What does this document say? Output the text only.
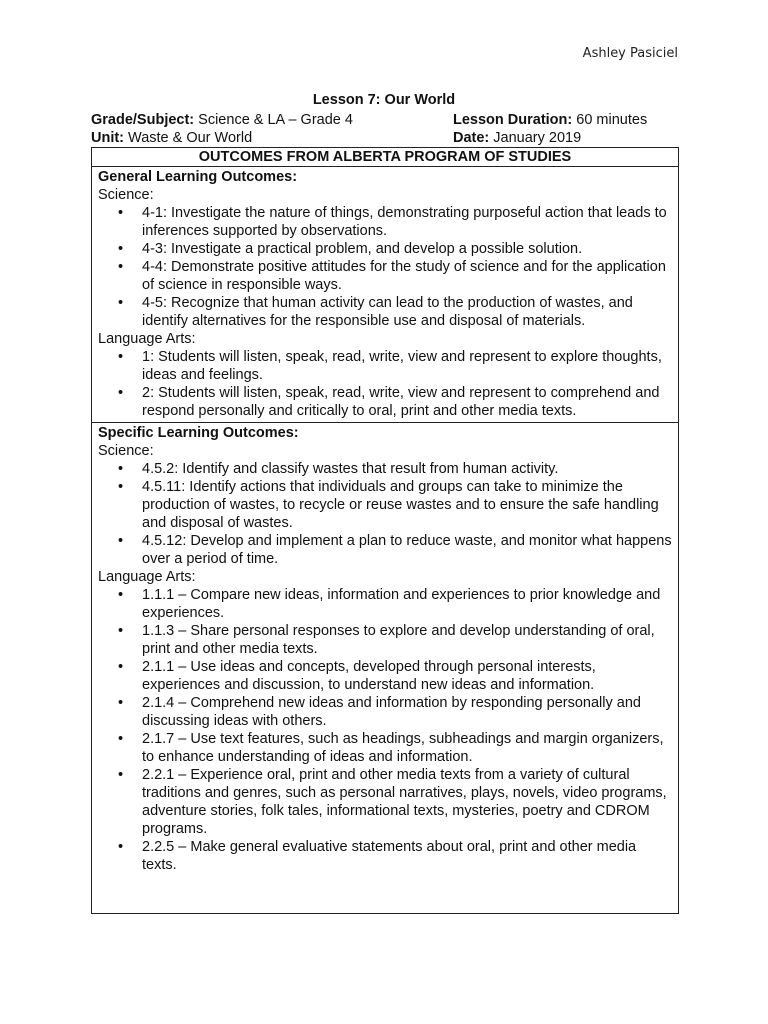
Ashley Pasiciel
Lesson 7: Our World
Grade/Subject: Science & LA – Grade 4	Lesson Duration: 60 minutes
Unit: Waste & Our World	Date: January 2019
OUTCOMES FROM ALBERTA PROGRAM OF STUDIES
General Learning Outcomes:
Science:
• 4-1: Investigate the nature of things, demonstrating purposeful action that leads to inferences supported by observations.
• 4-3: Investigate a practical problem, and develop a possible solution.
• 4-4: Demonstrate positive attitudes for the study of science and for the application of science in responsible ways.
• 4-5: Recognize that human activity can lead to the production of wastes, and identify alternatives for the responsible use and disposal of materials.
Language Arts:
• 1: Students will listen, speak, read, write, view and represent to explore thoughts, ideas and feelings.
• 2: Students will listen, speak, read, write, view and represent to comprehend and respond personally and critically to oral, print and other media texts.
Specific Learning Outcomes:
Science:
• 4.5.2: Identify and classify wastes that result from human activity.
• 4.5.11: Identify actions that individuals and groups can take to minimize the production of wastes, to recycle or reuse wastes and to ensure the safe handling and disposal of wastes.
• 4.5.12: Develop and implement a plan to reduce waste, and monitor what happens over a period of time.
Language Arts:
• 1.1.1 – Compare new ideas, information and experiences to prior knowledge and experiences.
• 1.1.3 – Share personal responses to explore and develop understanding of oral, print and other media texts.
• 2.1.1 – Use ideas and concepts, developed through personal interests, experiences and discussion, to understand new ideas and information.
• 2.1.4 – Comprehend new ideas and information by responding personally and discussing ideas with others.
• 2.1.7 – Use text features, such as headings, subheadings and margin organizers, to enhance understanding of ideas and information.
• 2.2.1 – Experience oral, print and other media texts from a variety of cultural traditions and genres, such as personal narratives, plays, novels, video programs, adventure stories, folk tales, informational texts, mysteries, poetry and CDROM programs.
• 2.2.5 – Make general evaluative statements about oral, print and other media texts.
